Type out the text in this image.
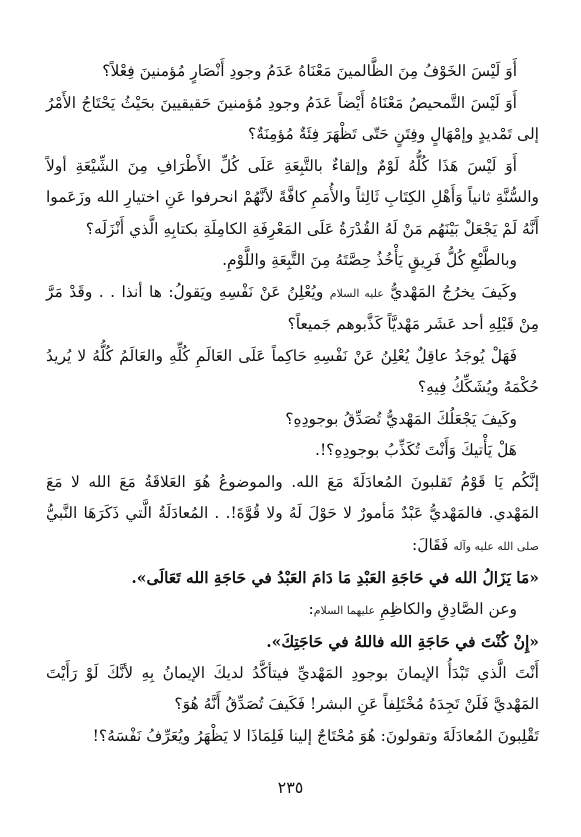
أَوَ لَيْسَ الخَوْفُ مِنَ الظَّالمينَ مَعْنَاهُ عَدَمُ وجودِ أَنْصَارٍ مُؤمنينَ فِعْلاً؟

أَوَ لَيْسَ التَّمحيصُ مَعْنَاهُ أَيْضاً عَدَمُ وجودِ مُؤمنينَ حَقيقيينَ بحَيْثُ يَحْتَاجُ الأَمْرُ إلى تَمْديدٍ وإمْهَالٍ وفِتَنٍ حَتّى تَظْهَرَ فِئَةٌ مُؤمِنَةٌ؟

أَوَ لَيْسَ هَذَا كُلُّهُ لَوْمٌ وإلقاءٌ بالتَّبِعَةِ عَلَى كُلِّ الأَطْرَافِ مِنَ الشِّيْعَةِ أولاً والسُّنَّةِ ثانياً وَأَهْلِ الكِتَابِ ثَالِثاً والأُمَمِ كافَّةً لأنَّهُمْ انحرفوا عَنِ اختيارِ الله وزَعَموا أَنَّهُ لَمْ يَجْعَلْ بَيْنَهُم مَنْ لَهُ القُدْرَةُ عَلَى المَعْرِفَةِ الكامِلَةِ بكتابِهِ الَّذي أَنْزَلَه؟

وبالطَّبْعِ كُلُّ فَرِيقٍ يَأْخُذُ حِصَّتَهُ مِنَ التَّبِعَةِ واللَّوْمِ.

وكَيفَ يخرُجُ المَهْديُّ عليه السلام ويُعْلِنُ عَنْ نَفْسِهِ ويَقولُ: ها أنذا . . وقَدْ مَرَّ مِنْ قَبْلِهِ أحد عَشَر مَهْديَّاً كَذَّبوهم جَميعاً؟

فَهَلْ يُوجَدُ عاقِلٌ يُعْلِنُ عَنْ نَفْسِهِ حَاكِماً عَلَى العَالَمِ كُلِّهِ والعَالَمُ كُلُّهُ لا يُريدُ حُكْمَهُ ويُشَكِّكُ فِيهِ؟

وكَيفَ يَجْعَلُكَ المَهْديُّ تُصَدِّقُ بوجودِهِ؟

هَلْ يَأْتيكَ وَأَنْتَ تُكَذِّبُ بوجودِهِ؟!.

إنَّكُم يَا قَوْمُ تَقلبونَ المُعادَلَةَ مَعَ الله. والموضوعُ هُوَ العَلاقَةُ مَعَ الله لا مَعَ المَهْدي. فالمَهْديُّ عَبْدٌ مَأمورٌ لا حَوْلَ لَهُ ولا قُوَّةَ!. . المُعادَلَةُ الَّتي ذَكَرَهَا النَّبيُّ صلى الله عليه وآله فَقَالَ:

«مَا يَزَالُ الله في حَاجَةِ العَبْدِ مَا دَامَ العَبْدُ في حَاجَةِ الله تَعَالَى».

وعن الصَّادِقِ والكاظِمِ عليهما السلام:

«إِنْ كُنْتَ في حَاجَةِ الله فاللهُ في حَاجَتِكَ».

أَنْتَ الَّذي تَبْدَأُ الإيمانَ بوجودِ المَهْديِّ فيتأكَّدُ لديكَ الإيمانُ بِهِ لأنَّكَ لَوْ رَأَيْتَ المَهْديَّ فَلَنْ تَجِدَهُ مُخْتَلِفاً عَنِ البشر! فَكَيفَ تُصَدِّقُ أَنَّهُ هُوَ؟

تَقْلِبونَ المُعادَلَةَ وتقولونَ: هُوَ مُحْتَاجٌ إلينا فَلِمَاذَا لا يَظْهَرُ ويُعَرِّفُ نَفْسَهُ؟!

٢٣٥
